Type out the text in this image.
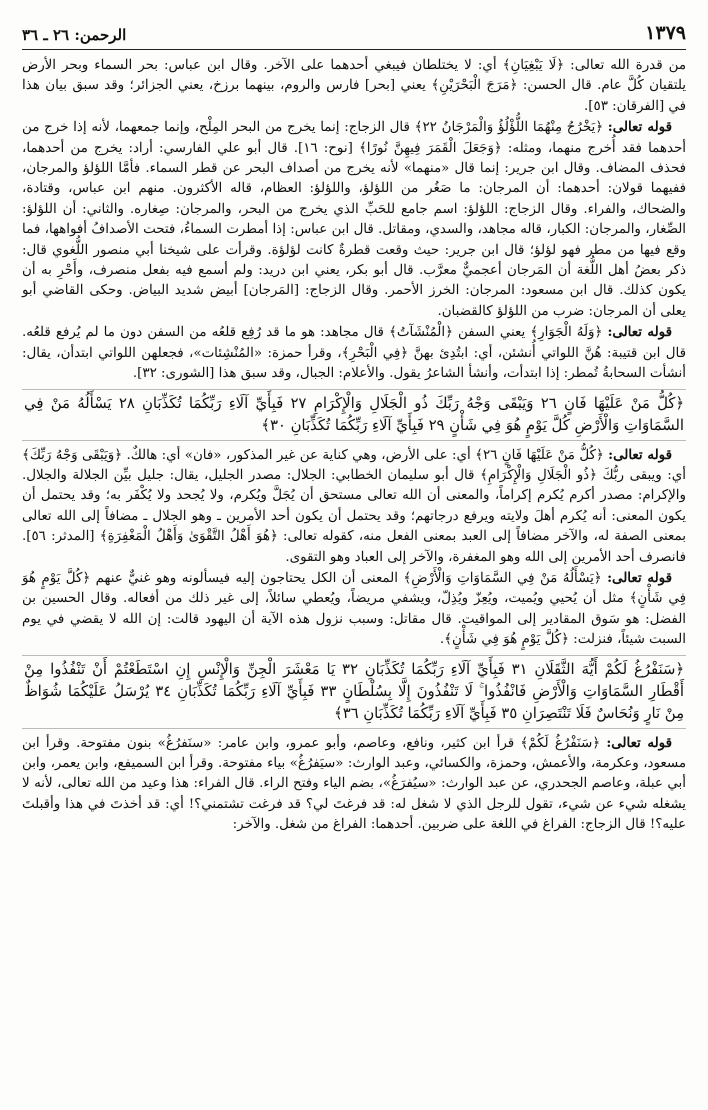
١٣٧٩
الرحمن: ٢٦ ـ ٣٦

من قدرة الله تعالى: ﴿لَا يَبْغِيَانِ﴾ أي: لا يختلطان فيبغي أحدهما على الآخر. وقال ابن عباس: بحر السماء وبحر الأرض يلتقيان كُلَّ عام. قال الحسن: ﴿مَرَجَ الْبَحْرَيْنِ﴾ يعني [بحر] فارس والروم، بينهما برزخ، يعني الجزائر؛ وقد سبق بيان هذا في [الفرقان: ٥٣].

قوله تعالى: ﴿يَخْرُجُ مِنْهُمَا اللُّؤْلُؤُ وَالْمَرْجَانُ ٢٢﴾ قال الزجاج: إنما يخرج من البحر المِلْح، وإنما جمعهما، لأنه إذا خرج من أحدهما فقد أُخرج منهما، ومثله: ﴿وَجَعَلَ الْقَمَرَ فِيهِنَّ نُورًا﴾ [نوح: ١٦]. قال أبو علي الفارسي: أراد: يخرج من أحدهما، فحذف المضاف. وقال ابن جرير: إنما قال «منهما» لأنه يخرج من أصداف البحر عن قطر السماء. فأمَّا اللؤلؤ والمرجان، ففيهما قولان: أحدهما: أن المرجان: ما صَغُر من اللؤلؤ، واللؤلؤ: العظام، قاله الأكثرون. منهم ابن عباس، وقتادة، والضحاك، والفراء. وقال الزجاج: اللؤلؤ: اسم جامع للحَبِّ الذي يخرج من البحر، والمرجان: صِغاره. والثاني: أن اللؤلؤ: الصِّغار، والمرجان: الكبار، قاله مجاهد، والسدي، ومقاتل. قال ابن عباس: إذا أمطرت السماءُ، فتحت الأصدافُ أفواهها، فما وقع فيها من مطر فهو لؤلؤ؛ قال ابن جرير: حيث وقعت قطرةٌ كانت لؤلؤة. وقرأت على شيخنا أبي منصور اللُّغوي قال: ذكر بعضُ أهل اللُّغة أن المَرجان أعجميٌّ معرَّب. قال أبو بكر، يعني ابن دريد: ولم أسمع فيه بفعل منصرف، وأَحْرِ به أن يكون كذلك. قال ابن مسعود: المرجان: الخرز الأحمر. وقال الزجاج: [المَرجان] أبيض شديد البياض. وحكى القاضي أبو يعلى أن المرجان: ضرب من اللؤلؤ كالقضبان.

قوله تعالى: ﴿وَلَهُ الْجَوَارِ﴾ يعني السفن ﴿الْمُنْشَآتُ﴾ قال مجاهد: هو ما قد رُفِع قلعُه من السفن دون ما لم يُرفع قلعُه. قال ابن قتيبة: هُنَّ اللواتي أُنشئن، أي: ابتُدِئ بهنَّ ﴿فِي الْبَحْرِ﴾، وقرأ حمزة: «المُنْشِئات»، فجعلهن اللواتي ابتدأن، يقال: أنشأت السحابةُ تُمطر: إذا ابتدأت، وأنشأ الشاعرُ يقول. والأعلام: الجبال، وقد سبق هذا [الشورى: ٣٢].

﴿كُلُّ مَنْ عَلَيْهَا فَانٍ ٢٦ وَيَبْقَى وَجْهُ رَبِّكَ ذُو الْجَلَالِ وَالْإِكْرَامِ ٢٧ فَبِأَيِّ آلَاءِ رَبِّكُمَا تُكَذِّبَانِ ٢٨ يَسْأَلُهُ مَنْ فِي السَّمَاوَاتِ وَالْأَرْضِ كُلَّ يَوْمٍ هُوَ فِي شَأْنٍ ٢٩ فَبِأَيِّ آلَاءِ رَبِّكُمَا تُكَذِّبَانِ ٣٠﴾

قوله تعالى: ﴿كُلُّ مَنْ عَلَيْهَا فَانٍ ٢٦﴾ أي: على الأرض، وهي كناية عن غير المذكور، «فان» أي: هالكٌ. ﴿وَيَبْقَى وَجْهُ رَبِّكَ﴾ أي: ويبقى ربُّكَ ﴿ذُو الْجَلَالِ وَالْإِكْرَامِ﴾ قال أبو سليمان الخطابي: الجلال: مصدر الجليل، يقال: جليل بيِّن الجلالة والجلال. والإكرام: مصدر أكرم يُكرم إكراماً، والمعنى أن الله تعالى مستحق أن يُجَلَّ ويُكرم، ولا يُجحد ولا يُكْفَر به؛ وقد يحتمل أن يكون المعنى: أنه يُكرم أهلَ ولايته ويرفع درجاتهم؛ وقد يحتمل أن يكون أحد الأمرين ـ وهو الجلال ـ مضافاً إلى الله تعالى بمعنى الصفة له، والآخر مضافاً إلى العبد بمعنى الفعل منه، كقوله تعالى: ﴿هُوَ أَهْلُ التَّقْوَىٰ وَأَهْلُ الْمَغْفِرَةِ﴾ [المدثر: ٥٦]. فانصرف أحد الأمرين إلى الله وهو المغفرة، والآخر إلى العباد وهو التقوى.

قوله تعالى: ﴿يَسْأَلُهُ مَنْ فِي السَّمَاوَاتِ وَالْأَرْضِ﴾ المعنى أن الكل يحتاجون إليه فيسألونه وهو غنيٌّ عنهم ﴿كُلَّ يَوْمٍ هُوَ فِي شَأْنٍ﴾ مثل أن يُحيي ويُميت، ويُعِزّ ويُذِلّ، ويشفي مريضاً، ويُعطي سائلاً، إلى غير ذلك من أفعاله. وقال الحسين بن الفضل: هو سَوق المقادير إلى المواقيت. قال مقاتل: وسبب نزول هذه الآية أن اليهود قالت: إن الله لا يقضي في يوم السبت شيئاً، فنزلت: ﴿كُلَّ يَوْمٍ هُوَ فِي شَأْنٍ﴾.

﴿سَنَفْرُغُ لَكُمْ أَيُّهَ الثَّقَلَانِ ٣١ فَبِأَيِّ آلَاءِ رَبِّكُمَا تُكَذِّبَانِ ٣٢ يَا مَعْشَرَ الْجِنِّ وَالْإِنْسِ إِنِ اسْتَطَعْتُمْ أَنْ تَنْفُذُوا مِنْ أَقْطَارِ السَّمَاوَاتِ وَالْأَرْضِ فَانْفُذُوا ۚ لَا تَنْفُذُونَ إِلَّا بِسُلْطَانٍ ٣٣ فَبِأَيِّ آلَاءِ رَبِّكُمَا تُكَذِّبَانِ ٣٤ يُرْسَلُ عَلَيْكُمَا شُوَاظٌ مِنْ نَارٍ وَنُحَاسٌ فَلَا تَنْتَصِرَانِ ٣٥ فَبِأَيِّ آلَاءِ رَبِّكُمَا تُكَذِّبَانِ ٣٦﴾

قوله تعالى: ﴿سَنَفْرُغُ لَكُمْ﴾ قرأ ابن كثير، ونافع، وعاصم، وأبو عمرو، وابن عامر: «سنَفرُغُ» بنون مفتوحة. وقرأ ابن مسعود، وعكرمة، والأعمش، وحمزة، والكسائي، وعبد الوارث: «سيَفرُغُ» بياء مفتوحة. وقرأ ابن السميفع، وابن يعمر، وابن أبي عبلة، وعاصم الجحدري، عن عبد الوارث: «سيُفرَغُ»، بضم الياء وفتح الراء. قال الفراء: هذا وعيد من الله تعالى، لأنه لا يشغله شيء عن شيء، تقول للرجل الذي لا شغل له: قد فرغتَ لي؟ قد فرغت تشتمني؟! أي: قد أخذتَ في هذا وأقبلتَ عليه؟! قال الزجاج: الفراغ في اللغة على ضربين. أحدهما: الفراغ من شغل. والآخر:
